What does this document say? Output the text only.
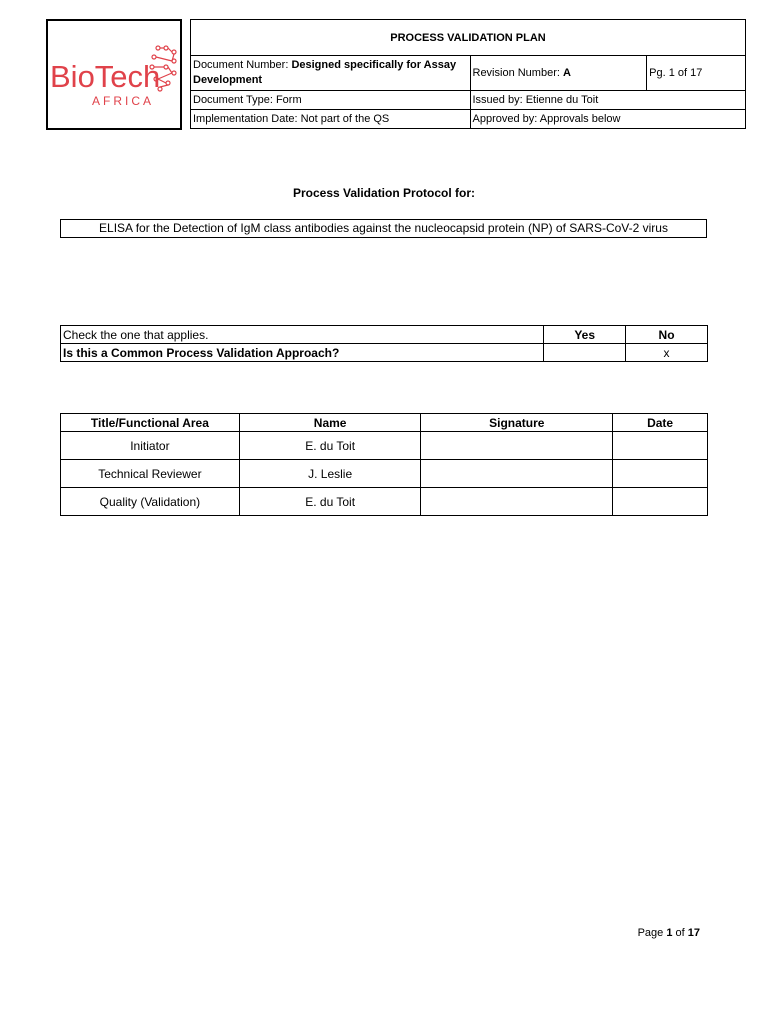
BioTech
AFRICA
PROCESS VALIDATION PLAN		
Document Number: Designed specifically for Assay Development	Revision Number: A	Pg. 1 of 17
Document Type: Form	Issued by: Etienne du Toit	
Implementation Date: Not part of the QS	Approved by: Approvals below	
Process Validation Protocol for:
ELISA for the Detection of IgM class antibodies against the nucleocapsid protein (NP) of SARS-CoV-2 virus
Check the one that applies.	Yes	No
Is this a Common Process Validation Approach?		x
Title/Functional Area	Name	Signature	Date
Initiator	E. du Toit		
Technical Reviewer	J. Leslie		
Quality (Validation)	E. du Toit		
Page 1 of 17
